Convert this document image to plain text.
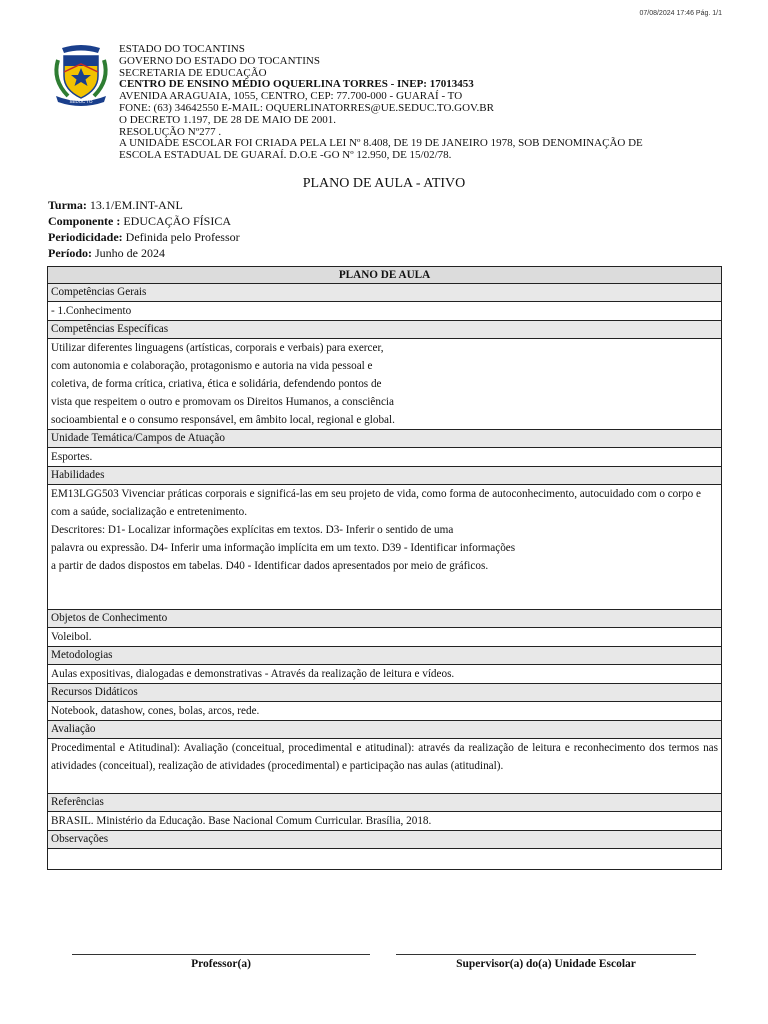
07/08/2024 17:46 Pág. 1/1
SEDUC TO
ESTADO DO TOCANTINS
GOVERNO DO ESTADO DO TOCANTINS
SECRETARIA DE EDUCAÇÃO
CENTRO DE ENSINO MÉDIO OQUERLINA TORRES - INEP: 17013453
AVENIDA ARAGUAIA, 1055, CENTRO, CEP: 77.700-000 - GUARAÍ - TO
FONE: (63) 34642550 E-MAIL: OQUERLINATORRES@UE.SEDUC.TO.GOV.BR
O DECRETO 1.197, DE 28 DE MAIO DE 2001.
RESOLUÇÃO Nº277 .
A UNIDADE ESCOLAR FOI CRIADA PELA LEI Nº 8.408, DE 19 DE JANEIRO 1978, SOB DENOMINAÇÃO DE
ESCOLA ESTADUAL DE GUARAÍ. D.O.E -GO Nº 12.950, DE 15/02/78.
PLANO DE AULA - ATIVO
Turma: 13.1/EM.INT-ANL
Componente : EDUCAÇÃO FÍSICA
Periodicidade: Definida pelo Professor
Período: Junho de 2024
PLANO DE AULA
Competências Gerais
- 1.Conhecimento
Competências Específicas

Utilizar diferentes linguagens (artísticas, corporais e verbais) para exercer,
com autonomia e colaboração, protagonismo e autoria na vida pessoal e
coletiva, de forma crítica, criativa, ética e solidária, defendendo pontos de
vista que respeitem o outro e promovam os Direitos Humanos, a consciência
socioambiental e o consumo responsável, em âmbito local, regional e global.

Unidade Temática/Campos de Atuação
Esportes.
Habilidades

EM13LGG503 Vivenciar práticas corporais e significá-las em seu projeto de vida, como forma de autoconhecimento, autocuidado com o corpo e com a saúde, socialização e entretenimento.
Descritores: D1- Localizar informações explícitas em textos. D3- Inferir o sentido de uma
palavra ou expressão. D4- Inferir uma informação implícita em um texto. D39 - Identificar informações
a partir de dados dispostos em tabelas. D40 - Identificar dados apresentados por meio de gráficos.

Objetos de Conhecimento
Voleibol.
Metodologias
Aulas expositivas, dialogadas e demonstrativas - Através da realização de leitura e vídeos.
Recursos Didáticos
Notebook, datashow, cones, bolas, arcos, rede.
Avaliação
Procedimental e Atitudinal): Avaliação (conceitual, procedimental e atitudinal): através da realização de leitura e reconhecimento dos termos nas atividades (conceitual), realização de atividades (procedimental) e participação nas aulas (atitudinal).
Referências
BRASIL. Ministério da Educação. Base Nacional Comum Curricular. Brasília, 2018.
Observações

Professor(a)	Supervisor(a) do(a) Unidade Escolar
